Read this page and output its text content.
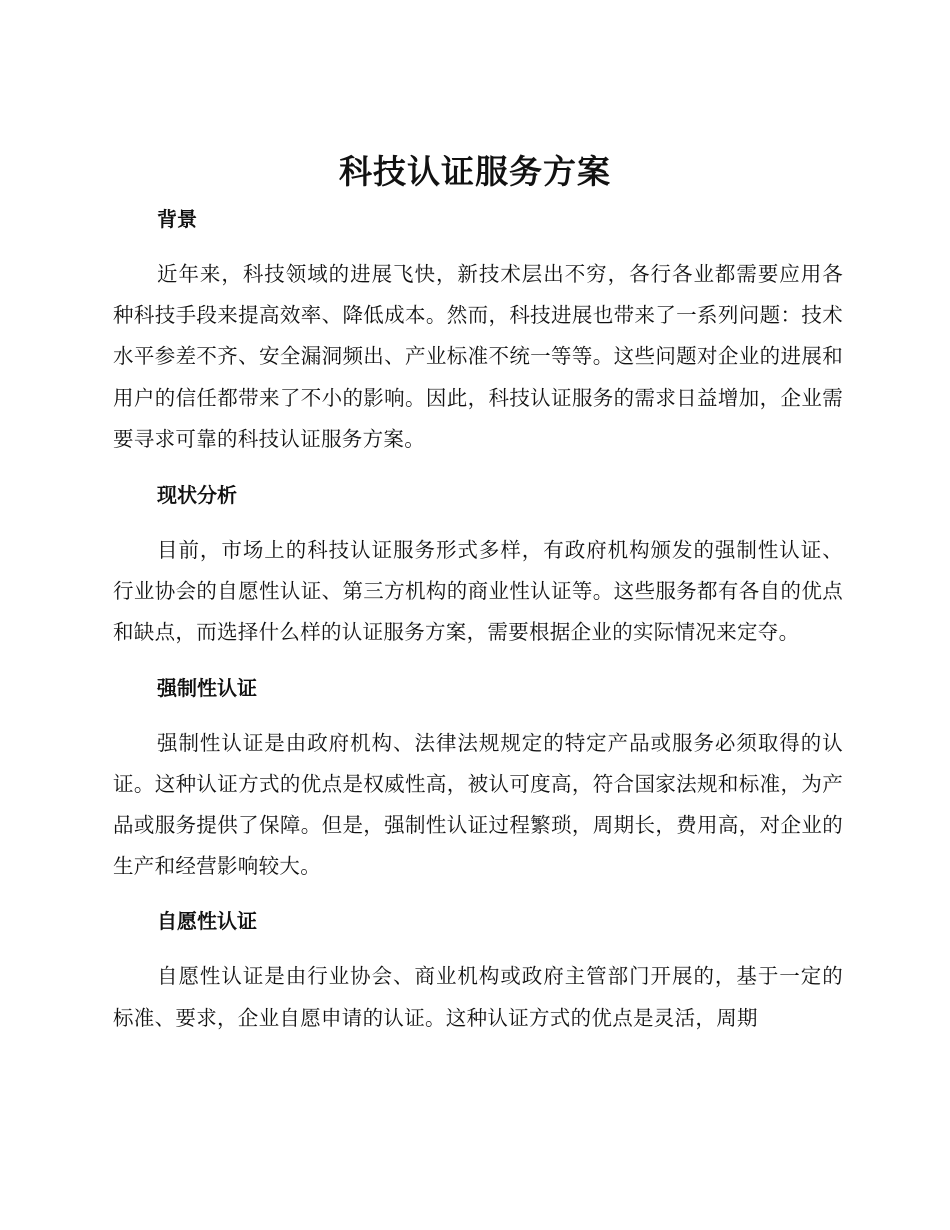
科技认证服务方案
背景

近年来，科技领域的进展飞快，新技术层出不穷，各行各业都需要应用各种科技手段来提高效率、降低成本。然而，科技进展也带来了一系列问题：技术水平参差不齐、安全漏洞频出、产业标准不统一等等。这些问题对企业的进展和用户的信任都带来了不小的影响。因此，科技认证服务的需求日益增加，企业需要寻求可靠的科技认证服务方案。

现状分析

目前，市场上的科技认证服务形式多样，有政府机构颁发的强制性认证、行业协会的自愿性认证、第三方机构的商业性认证等。这些服务都有各自的优点和缺点，而选择什么样的认证服务方案，需要根据企业的实际情况来定夺。

强制性认证

强制性认证是由政府机构、法律法规规定的特定产品或服务必须取得的认证。这种认证方式的优点是权威性高，被认可度高，符合国家法规和标准，为产品或服务提供了保障。但是，强制性认证过程繁琐，周期长，费用高，对企业的生产和经营影响较大。

自愿性认证

自愿性认证是由行业协会、商业机构或政府主管部门开展的，基于一定的标准、要求，企业自愿申请的认证。这种认证方式的优点是灵活，周期
